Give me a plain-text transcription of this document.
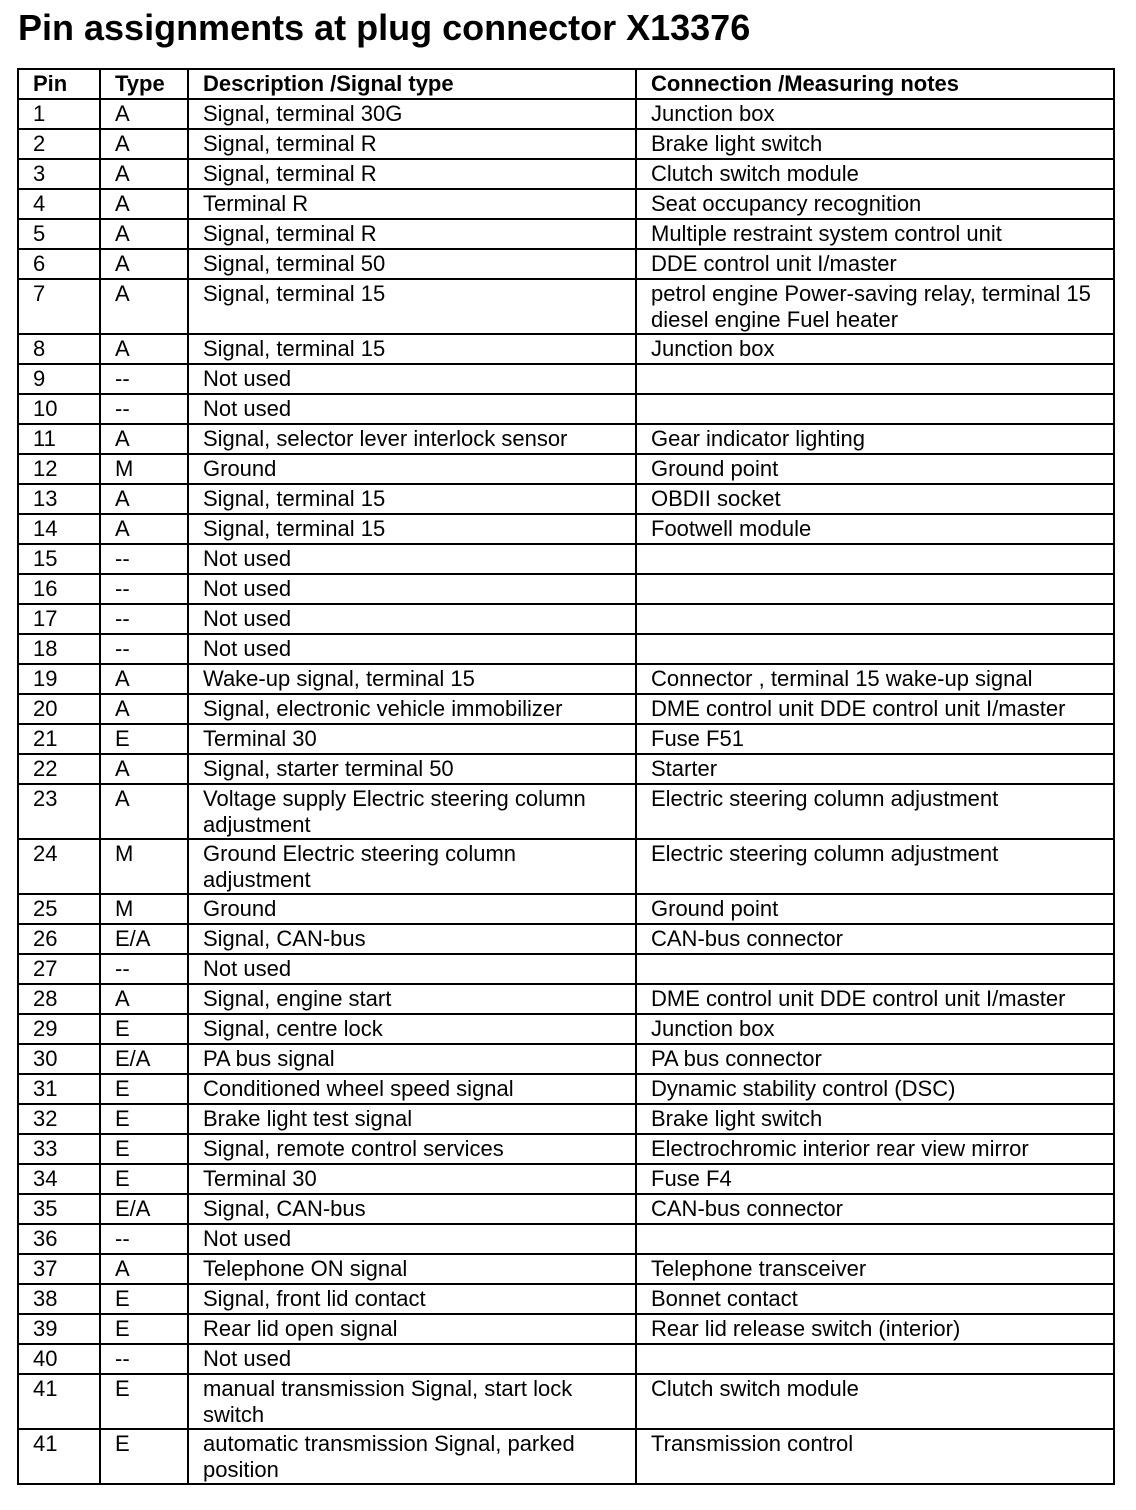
Pin assignments at plug connector X13376
Pin	Type	Description /Signal type	Connection /Measuring notes
1	A	Signal, terminal 30G	Junction box
2	A	Signal, terminal R	Brake light switch
3	A	Signal, terminal R	Clutch switch module
4	A	Terminal R	Seat occupancy recognition
5	A	Signal, terminal R	Multiple restraint system control unit
6	A	Signal, terminal 50	DDE control unit I/master
7	A	Signal, terminal 15	petrol engine Power-saving relay, terminal 15 diesel engine Fuel heater
8	A	Signal, terminal 15	Junction box
9	--	Not used	
10	--	Not used	
11	A	Signal, selector lever interlock sensor	Gear indicator lighting
12	M	Ground	Ground point
13	A	Signal, terminal 15	OBDII socket
14	A	Signal, terminal 15	Footwell module
15	--	Not used	
16	--	Not used	
17	--	Not used	
18	--	Not used	
19	A	Wake-up signal, terminal 15	Connector , terminal 15 wake-up signal
20	A	Signal, electronic vehicle immobilizer	DME control unit DDE control unit I/master
21	E	Terminal 30	Fuse F51
22	A	Signal, starter terminal 50	Starter
23	A	Voltage supply Electric steering column adjustment	Electric steering column adjustment
24	M	Ground Electric steering column adjustment	Electric steering column adjustment
25	M	Ground	Ground point
26	E/A	Signal, CAN-bus	CAN-bus connector
27	--	Not used	
28	A	Signal, engine start	DME control unit DDE control unit I/master
29	E	Signal, centre lock	Junction box
30	E/A	PA bus signal	PA bus connector
31	E	Conditioned wheel speed signal	Dynamic stability control (DSC)
32	E	Brake light test signal	Brake light switch
33	E	Signal, remote control services	Electrochromic interior rear view mirror
34	E	Terminal 30	Fuse F4
35	E/A	Signal, CAN-bus	CAN-bus connector
36	--	Not used	
37	A	Telephone ON signal	Telephone transceiver
38	E	Signal, front lid contact	Bonnet contact
39	E	Rear lid open signal	Rear lid release switch (interior)
40	--	Not used	
41	E	manual transmission Signal, start lock switch	Clutch switch module
41	E	automatic transmission Signal, parked position	Transmission control
